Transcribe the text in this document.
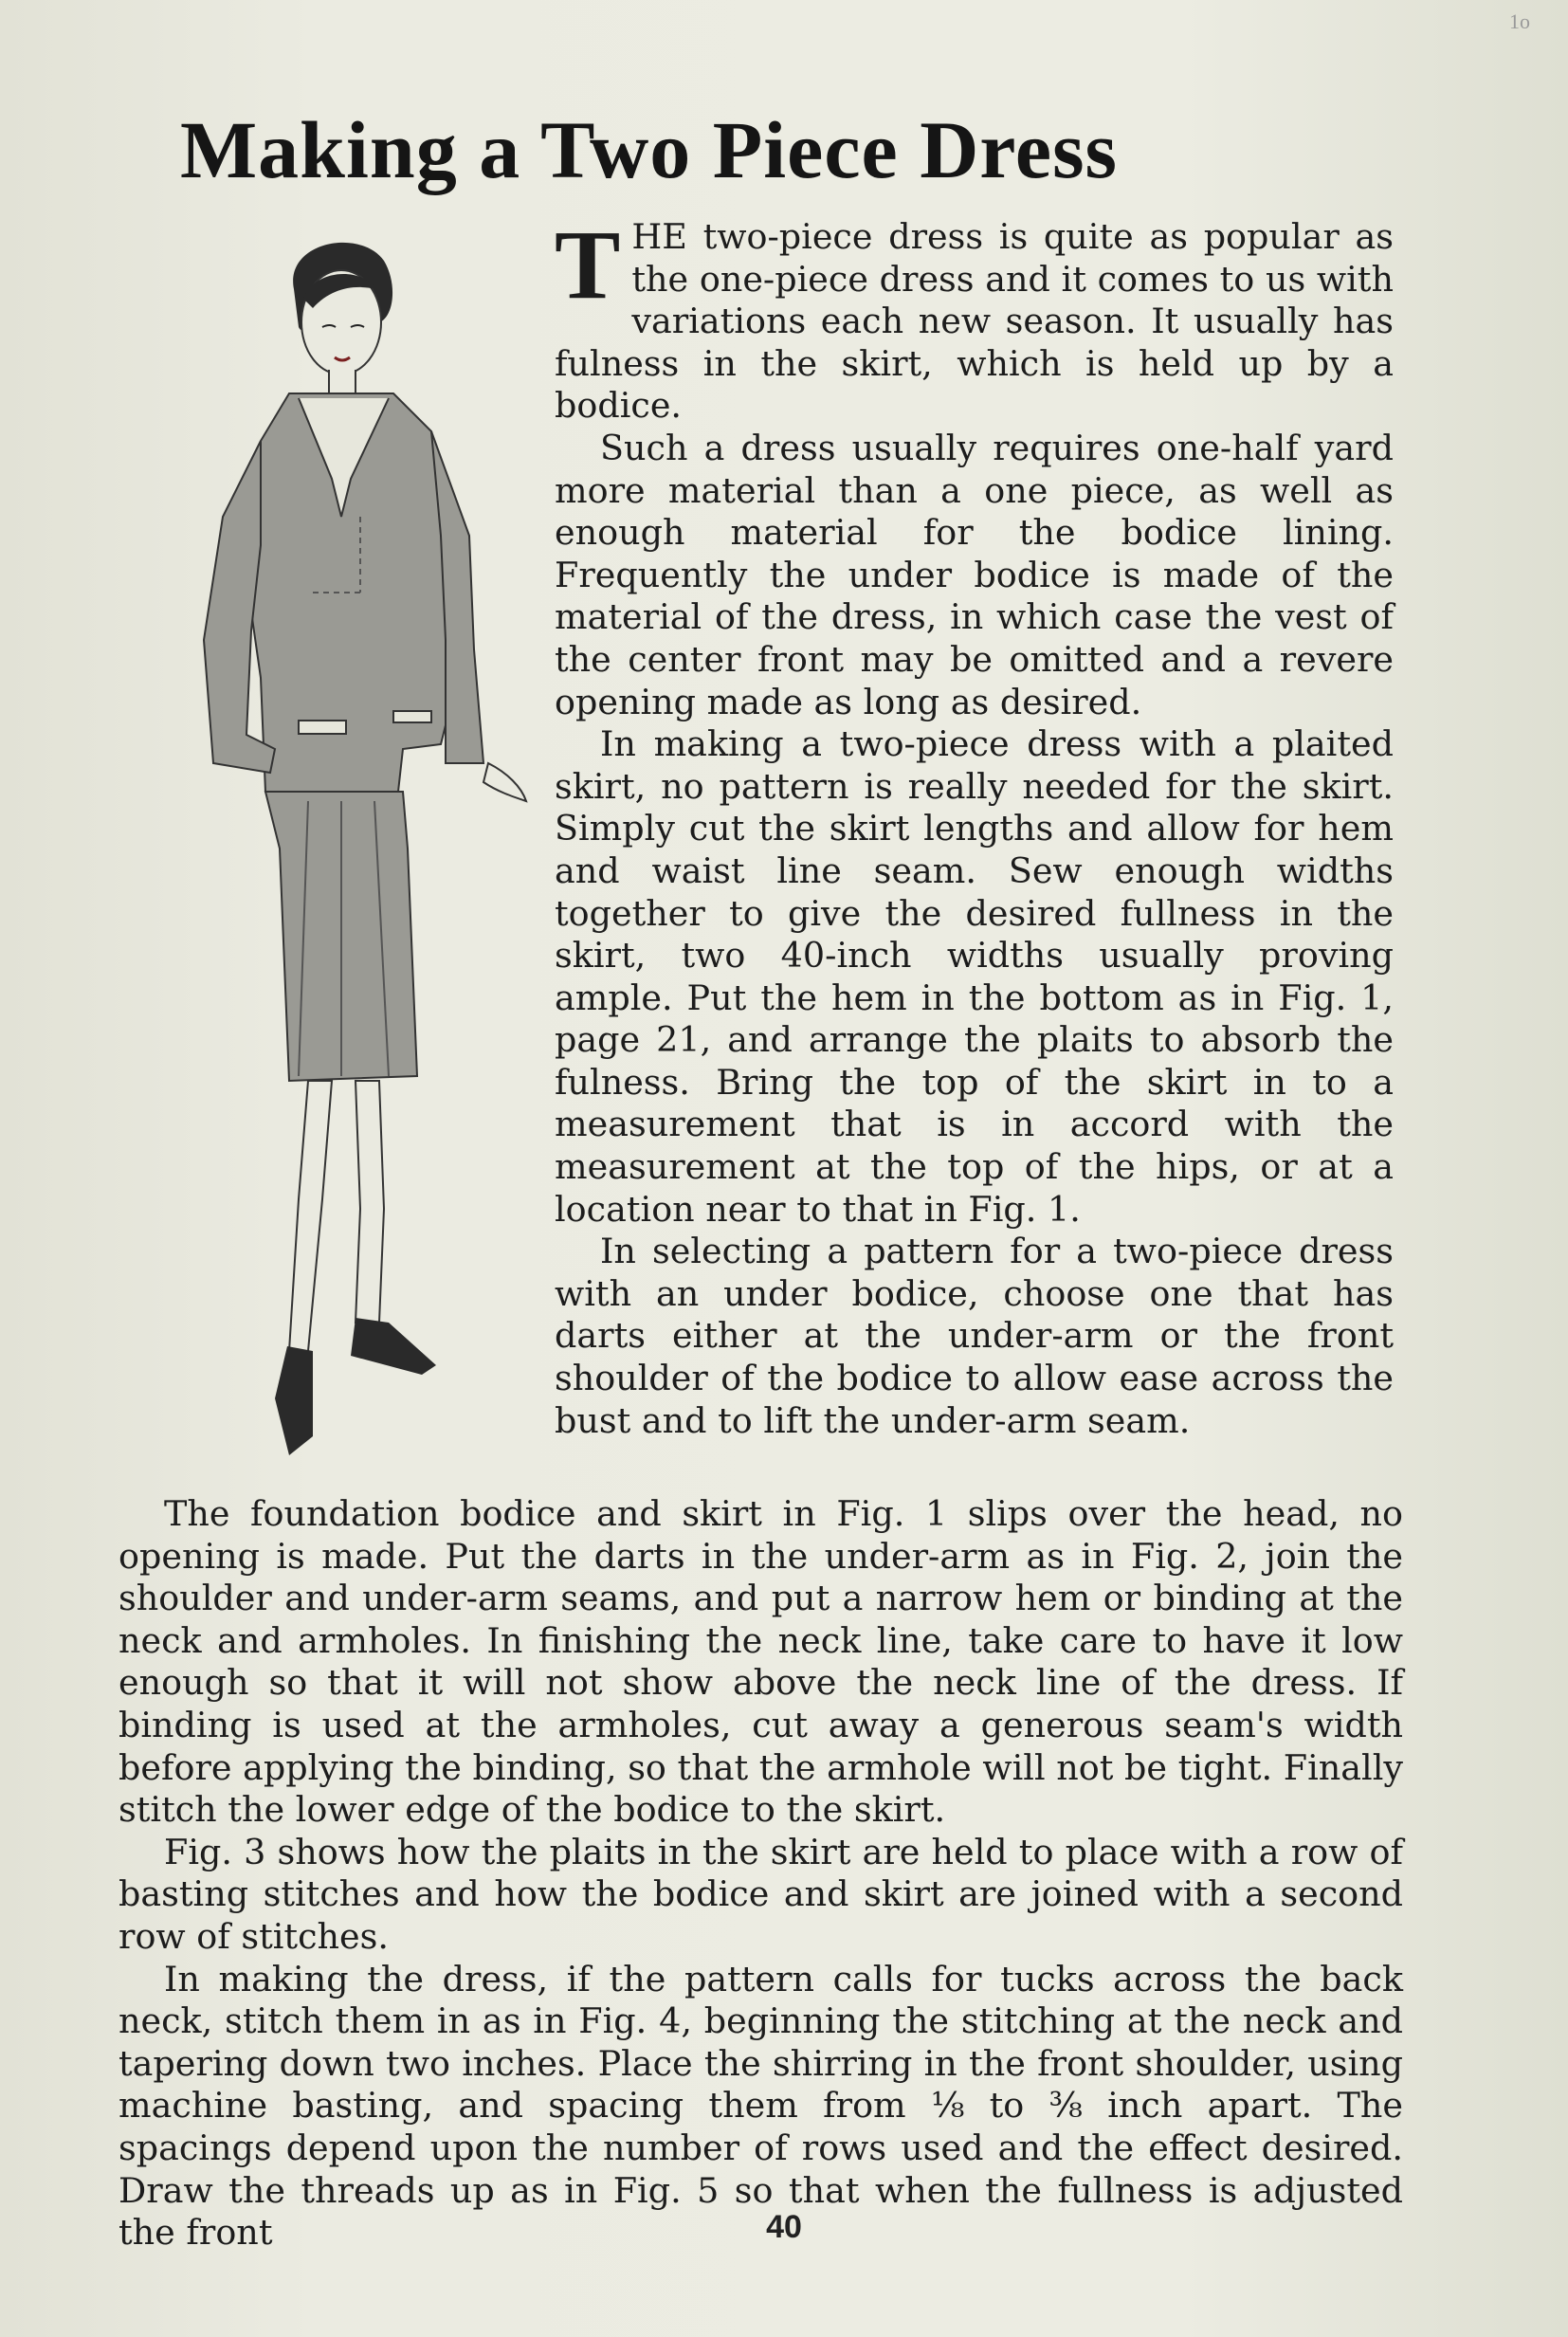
1o
Making a Two Piece Dress

THE two-piece dress is quite as popular as the one-piece dress and it comes to us with variations each new season. It usually has fulness in the skirt, which is held up by a bodice.

Such a dress usually requires one-half yard more material than a one piece, as well as enough material for the bodice lining. Frequently the under bodice is made of the material of the dress, in which case the vest of the center front may be omitted and a revere opening made as long as desired.

In making a two-piece dress with a plaited skirt, no pattern is really needed for the skirt. Simply cut the skirt lengths and allow for hem and waist line seam. Sew enough widths together to give the desired fullness in the skirt, two 40-inch widths usually proving ample. Put the hem in the bottom as in Fig. 1, page 21, and arrange the plaits to absorb the fulness. Bring the top of the skirt in to a measurement that is in accord with the measurement at the top of the hips, or at a location near to that in Fig. 1.

In selecting a pattern for a two-piece dress with an under bodice, choose one that has darts either at the under-arm or the front shoulder of the bodice to allow ease across the bust and to lift the under-arm seam.

The foundation bodice and skirt in Fig. 1 slips over the head, no opening is made. Put the darts in the under-arm as in Fig. 2, join the shoulder and under-arm seams, and put a narrow hem or binding at the neck and armholes. In finishing the neck line, take care to have it low enough so that it will not show above the neck line of the dress. If binding is used at the armholes, cut away a generous seam's width before applying the binding, so that the armhole will not be tight. Finally stitch the lower edge of the bodice to the skirt.

Fig. 3 shows how the plaits in the skirt are held to place with a row of basting stitches and how the bodice and skirt are joined with a second row of stitches.

In making the dress, if the pattern calls for tucks across the back neck, stitch them in as in Fig. 4, beginning the stitching at the neck and tapering down two inches. Place the shirring in the front shoulder, using machine basting, and spacing them from ⅛ to ⅜ inch apart. The spacings depend upon the number of rows used and the effect desired. Draw the threads up as in Fig. 5 so that when the fullness is adjusted the front	40
